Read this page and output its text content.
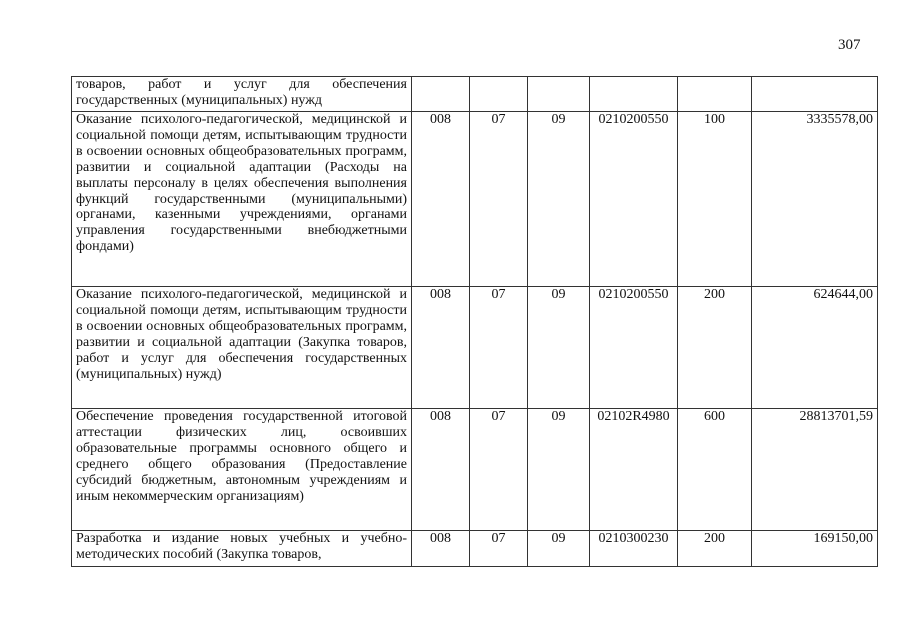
307
товаров, работ и услуг для обеспечения государственных (муниципальных) нужд						
Оказание психолого-педагогической, медицинской и социальной помощи детям, испытывающим трудности в освоении основных общеобразовательных программ, развитии и социальной адаптации (Расходы на выплаты персоналу в целях обеспечения выполнения функций государственными (муниципальными) органами, казенными учреждениями, органами управления государственными внебюджетными фондами)	008	07	09	0210200550	100	3335578,00
Оказание психолого-педагогической, медицинской и социальной помощи детям, испытывающим трудности в освоении основных общеобразовательных программ, развитии и социальной адаптации (Закупка товаров, работ и услуг для обеспечения государственных (муниципальных) нужд)	008	07	09	0210200550	200	624644,00
Обеспечение проведения государственной итоговой аттестации физических лиц, освоивших образовательные программы основного общего и среднего общего образования (Предоставление субсидий бюджетным, автономным учреждениям и иным некоммерческим организациям)	008	07	09	02102R4980	600	28813701,59
Разработка и издание новых учебных и учебно-методических пособий (Закупка товаров,	008	07	09	0210300230	200	169150,00
